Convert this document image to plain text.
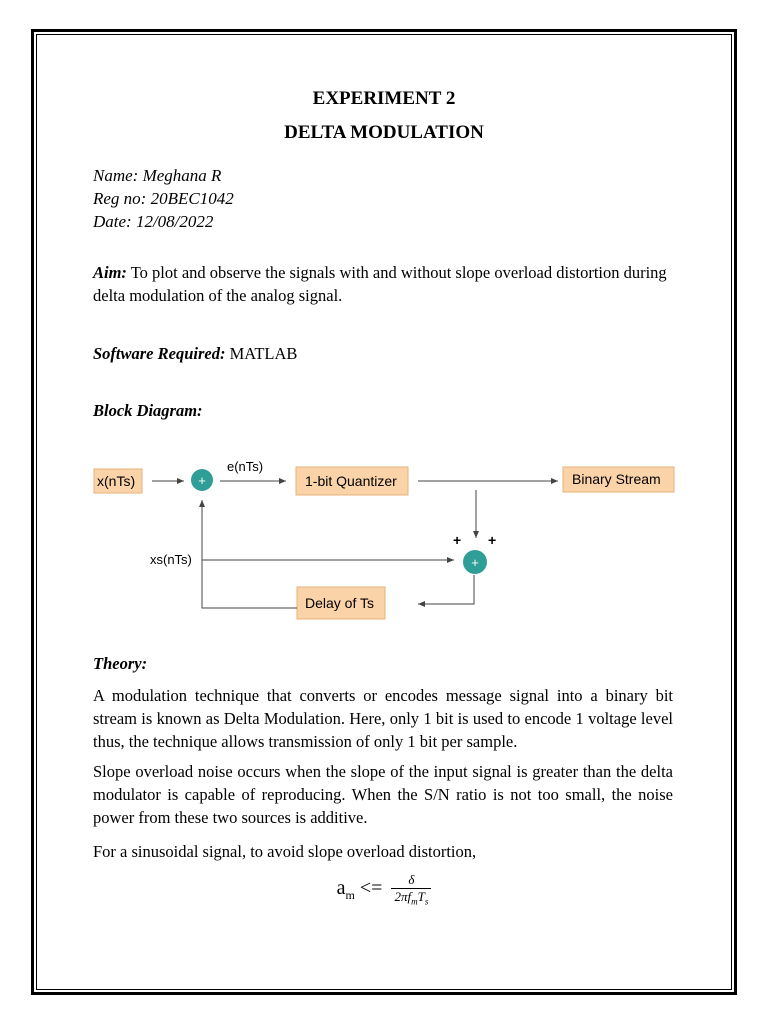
EXPERIMENT 2
DELTA MODULATION
Name: Meghana R
Reg no: 20BEC1042
Date: 12/08/2022
Aim: To plot and observe the signals with and without slope overload distortion during delta modulation of the analog signal.
Software Required: MATLAB
Block Diagram:
x(nTs)	+
e(nTs)
1-bit Quantizer	Binary Stream
+
+ +
xs(nTs)
Delay of Ts
Theory:
A modulation technique that converts or encodes message signal into a binary bit stream is known as Delta Modulation. Here, only 1 bit is used to encode 1 voltage level thus, the technique allows transmission of only 1 bit per sample.
Slope overload noise occurs when the slope of the input signal is greater than the delta modulator is capable of reproducing. When the S/N ratio is not too small, the noise power from these two sources is additive.
For a sinusoidal signal, to avoid slope overload distortion,
$a_m <= \frac{\delta}{2\pi f_mT_s}$
